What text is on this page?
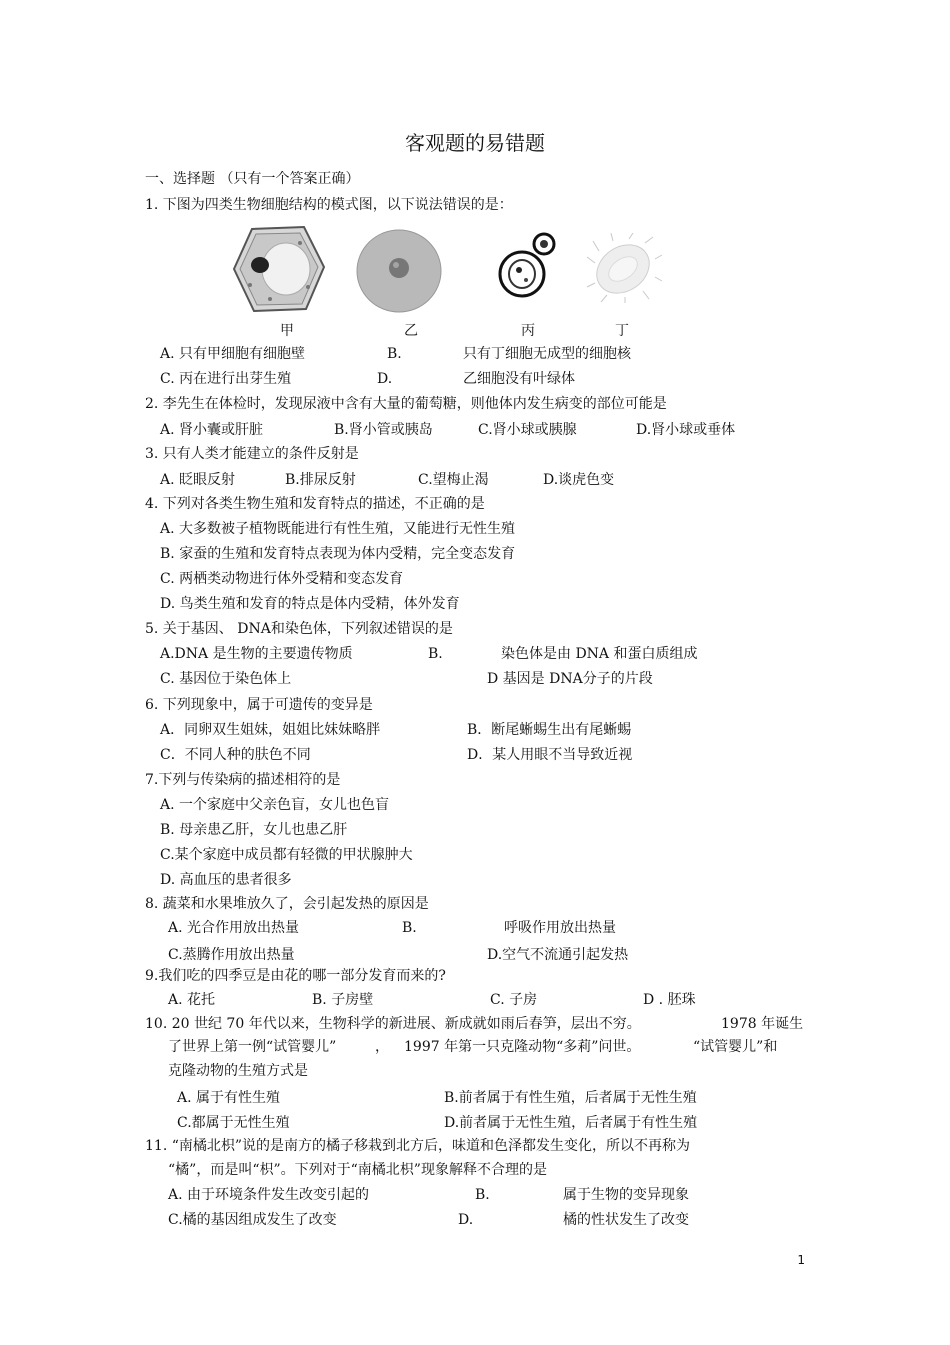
客观题的易错题
一、选择题 （只有一个答案正确）
1. 下图为四类生物细胞结构的模式图，以下说法错误的是：
甲	乙	丙	丁
A. 只有甲细胞有细胞壁	B.	只有丁细胞无成型的细胞核
C. 丙在进行出芽生殖	D.	乙细胞没有叶绿体
2. 李先生在体检时，发现尿液中含有大量的葡萄糖，则他体内发生病变的部位可能是
A. 肾小囊或肝脏	B.肾小管或胰岛	C.肾小球或胰腺	D.肾小球或垂体
3. 只有人类才能建立的条件反射是
A. 眨眼反射	B.排尿反射	C.望梅止渴	D.谈虎色变
4. 下列对各类生物生殖和发育特点的描述，不正确的是
A. 大多数被子植物既能进行有性生殖，又能进行无性生殖
B. 家蚕的生殖和发育特点表现为体内受精，完全变态发育
C. 两栖类动物进行体外受精和变态发育
D. 鸟类生殖和发育的特点是体内受精，体外发育
5. 关于基因、 DNA和染色体，下列叙述错误的是
A.DNA 是生物的主要遗传物质	B.	染色体是由 DNA 和蛋白质组成
C. 基因位于染色体上	D 基因是 DNA分子的片段
6. 下列现象中，属于可遗传的变异是
A．同卵双生姐妹，姐姐比妹妹略胖	B．断尾蜥蜴生出有尾蜥蜴
C．不同人种的肤色不同	D．某人用眼不当导致近视
7.下列与传染病的描述相符的是
A. 一个家庭中父亲色盲，女儿也色盲
B. 母亲患乙肝，女儿也患乙肝
C.某个家庭中成员都有轻微的甲状腺肿大
D. 高血压的患者很多
8. 蔬菜和水果堆放久了，会引起发热的原因是
A. 光合作用放出热量	B.	呼吸作用放出热量
C.蒸腾作用放出热量	D.空气不流通引起发热
9.我们吃的四季豆是由花的哪一部分发育而来的?
A. 花托	B. 子房壁	C. 子房	D . 胚珠
10. 20 世纪 70 年代以来，生物科学的新进展、新成就如雨后春笋，层出不穷。	1978 年诞生
了世界上第一例“试管婴儿”	， 1997 年第一只克隆动物“多莉”问世。	“试管婴儿”和
克隆动物的生殖方式是
A. 属于有性生殖	B.前者属于有性生殖，后者属于无性生殖
C.都属于无性生殖	D.前者属于无性生殖，后者属于有性生殖
11. “南橘北枳”说的是南方的橘子移栽到北方后，味道和色泽都发生变化，所以不再称为
“橘”，而是叫“枳”。下列对于“南橘北枳”现象解释不合理的是
A. 由于环境条件发生改变引起的	B.	属于生物的变异现象
C.橘的基因组成发生了改变	D.	橘的性状发生了改变
1
